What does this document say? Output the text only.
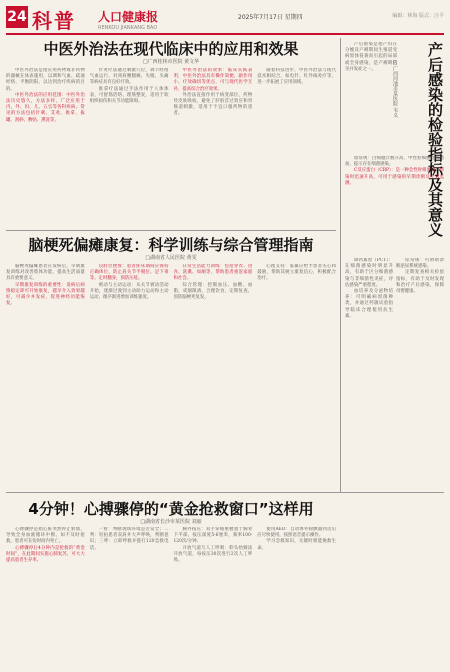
24 科普 人口健康报
RENKOU JIANKANG BAO
2025年7月17日 星期四	编辑：林海 版式：汪平
中医外治法在现代临床中的应用和效果
□广西桂林市医院 黄文华

中医外治法是指应用药物或非药物的器械在体表施用，以调和气血、疏通经络、平衡阴阳，以达到治疗疾病的目的。

中医外治法的应用范围：中医外治法历史悠久，方法多样，广泛应用于内、外、妇、儿、五官等各科疾病。常见的方法包括针刺、艾灸、推拿、拔罐、刮痧、敷贴、熏洗等。

针灸疗法通过刺激穴位，调节经络气血运行，对颈肩腰腿痛、失眠、头痛等病症具有良好疗效。

推拿疗法通过手法作用于人体体表，可舒筋活络、理筋整复，适用于软组织损伤和关节功能障碍。

中医外治法的效果：临床实践表明，中医外治法具有操作简便、副作用小、疗效确切等优点，可与现代医学互补，提高综合治疗效果。

外治法直接作用于病变部位，药物经皮肤吸收，避免了肝脏首过效应和胃肠道刺激，适用于不宜口服药物的患者。

随着科技进步，中医外治法与现代技术相结合，如电针、红外线灸疗等，进一步拓展了应用领域。

脑梗死偏瘫康复：科学训练与综合管理指南
□湖南省人民医院 黄雯

脑梗死偏瘫患者在发病后，早期康复训练对改善肢体功能、提高生活质量具有重要意义。

早期康复训练的重要性：发病后病情稳定即可开始康复，越早介入效果越好，可减少并发症，促进神经功能恢复。

良肢位摆放：患者卧床期间应保持正确体位，防止肩关节半脱位、足下垂等。定时翻身，预防压疮。

被动与主动运动：从关节被动活动开始，逐渐过渡到主动助力运动和主动运动，循序渐进增加训练强度。

日常生活能力训练：包括穿衣、进食、洗漱、如厕等，帮助患者重返家庭和社会。

综合管理：控制血压、血糖、血脂，戒烟限酒，合理饮食，定期复查，预防脑梗死复发。

心理支持：家属应给予患者关心和鼓励，帮助其树立康复信心，积极配合治疗。

4分钟！心搏骤停的“黄金抢救窗口”这样用
□湖南省长沙市某医院 刘丽

心搏骤停是指心脏突然停止射血，导致全身血液循环中断。如不及时抢救，患者可在短时间内死亡。

心搏骤停后4分钟内是抢救的“黄金时间”，在此期间实施心肺复苏，可大大提高患者生存率。

一看：判断现场环境是否安全；二判：轻拍患者双肩并大声呼唤，判断意识；三呼：立即呼救并拨打120急救电话。

胸外按压：双手掌根重叠置于胸骨下半部，按压深度5-6厘米，频率100-120次/分钟。

开放气道与人工呼吸：仰头抬颏法开放气道，每按压30次进行2次人工呼吸。

使用AED：自动体外除颤器到达后应尽快使用，按照语音提示操作。

学习急救知识，关键时刻能挽救生命。

产后感染是指产妇在分娩及产褥期间生殖道受病原体侵袭而引起的局部或全身感染，是产褥期常见并发症之一。	□广西河池市某医院 韦义	产后感染的检验指标及其意义

血常规：白细胞计数升高、中性粒细胞比例增加，提示存在细菌感染。

C反应蛋白（CRP）：是一种急性时相蛋白，感染时迅速升高，可用于感染的早期诊断及疗效监测。

降钙素原（PCT）：在细菌感染时明显升高，有助于区分细菌感染与非细菌性炎症，评估感染严重程度。

血培养及分泌物培养：可明确病原菌种类，并通过药敏试验指导临床合理使用抗生素。

尿常规：可协助诊断泌尿系统感染。

定期复查相关检验指标，有助于及时发现和治疗产后感染，保障母婴健康。
